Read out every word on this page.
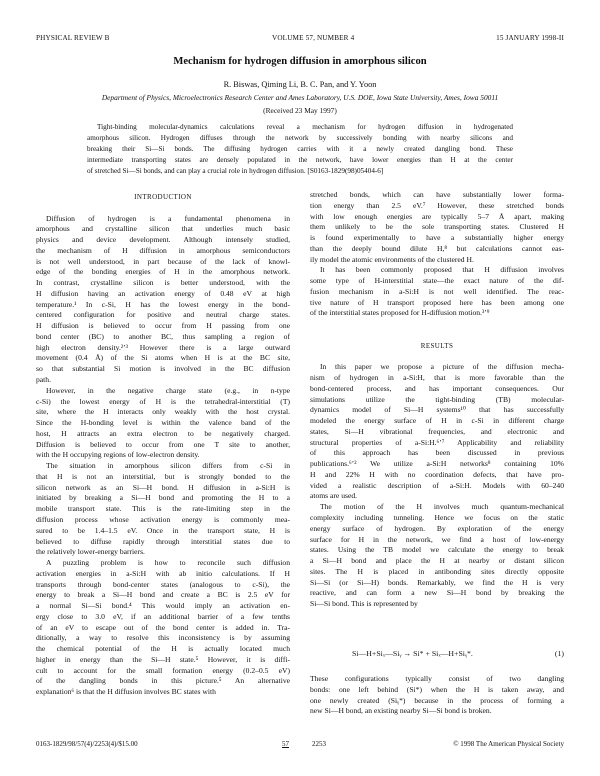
PHYSICAL REVIEW B	VOLUME 57, NUMBER 4	15 JANUARY 1998-II
Mechanism for hydrogen diffusion in amorphous silicon
R. Biswas, Qiming Li, B. C. Pan, and Y. Yoon
Department of Physics, Microelectronics Research Center and Ames Laboratory, U.S. DOE, Iowa State University, Ames, Iowa 50011
(Received 23 May 1997)
Tight-binding molecular-dynamics calculations reveal a mechanism for hydrogen diffusion in hydrogenated
amorphous silicon. Hydrogen diffuses through the network by successively bonding with nearby silicons and
breaking their Si—Si bonds. The diffusing hydrogen carries with it a newly created dangling bond. These
intermediate transporting states are densely populated in the network, have lower energies than H at the center
of stretched Si—Si bonds, and can play a crucial role in hydrogen diffusion. [S0163-1829(98)05404-6]
INTRODUCTION
Diffusion of hydrogen is a fundamental phenomena in
amorphous and crystalline silicon that underlies much basic
physics and device development. Although intensely studied,
the mechanism of H diffusion in amorphous semiconductors
is not well understood, in part because of the lack of knowl-
edge of the bonding energies of H in the amorphous network.
In contrast, crystalline silicon is better understood, with the
H diffusion having an activation energy of 0.48 eV at high
temperature.¹ In c-Si, H has the lowest energy in the bond-
centered configuration for positive and neutral charge states.
H diffusion is believed to occur from H passing from one
bond center (BC) to another BC, thus sampling a region of
high electron density.²ʼ³ However there is a large outward
movement (0.4 Å) of the Si atoms when H is at the BC site,
so that substantial Si motion is involved in the BC diffusion
path.
However, in the negative charge state (e.g., in n-type
c-Si) the lowest energy of H is the tetrahedral-interstitial (T)
site, where the H interacts only weakly with the host crystal.
Since the H-bonding level is within the valence band of the
host, H attracts an extra electron to be negatively charged.
Diffusion is believed to occur from one T site to another,
with the H occupying regions of low-electron density.
The situation in amorphous silicon differs from c-Si in
that H is not an interstitial, but is strongly bonded to the
silicon network as an Si—H bond. H diffusion in a-Si:H is
initiated by breaking a Si—H bond and promoting the H to a
mobile transport state. This is the rate-limiting step in the
diffusion process whose activation energy is commonly mea-
sured to be 1.4–1.5 eV. Once in the transport state, H is
believed to diffuse rapidly through interstitial states due to
the relatively lower-energy barriers.
A puzzling problem is how to reconcile such diffusion
activation energies in a-Si:H with ab initio calculations. If H
transports through bond-center states (analogous to c-Si), the
energy to break a Si—H bond and create a BC is 2.5 eV for
a normal Si—Si bond.⁴ This would imply an activation en-
ergy close to 3.0 eV, if an additional barrier of a few tenths
of an eV to escape out of the bond center is added in. Tra-
ditionally, a way to resolve this inconsistency is by assuming
the chemical potential of the H is actually located much
higher in energy than the Si—H state.⁵ However, it is diffi-
cult to account for the small formation energy (0.2–0.5 eV)
of the dangling bonds in this picture.⁵ An alternative
explanation⁶ is that the H diffusion involves BC states with
stretched bonds, which can have substantially lower forma-
tion energy than 2.5 eV.⁷ However, these stretched bonds
with low enough energies are typically 5–7 Å apart, making
them unlikely to be the sole transporting states. Clustered H
is found experimentally to have a substantially higher energy
than the deeply bound dilute H,⁸ but calculations cannot eas-
ily model the atomic environments of the clustered H.
It has been commonly proposed that H diffusion involves
some type of H-interstitial state—the exact nature of the dif-
fusion mechanism in a-Si:H is not well identified. The reac-
tive nature of H transport proposed here has been among one
of the interstitial states proposed for H-diffusion motion.³ʼ⁹
RESULTS
In this paper we propose a picture of the diffusion mecha-
nism of hydrogen in a-Si:H, that is more favorable than the
bond-centered process, and has important consequences. Our
simulations utilize the tight-binding (TB) molecular-
dynamics model of Si—H systems¹⁰ that has successfully
modeled the energy surface of H in c-Si in different charge
states, Si—H vibrational frequencies, and electronic and
structural properties of a-Si:H.⁶ʼ⁷ Applicability and reliability
of this approach has been discussed in previous
publications.⁶ʼ² We utilize a-Si:H networks⁸ containing 10%
H and 22% H with no coordination defects, that have pro-
vided a realistic description of a-Si:H. Models with 60–240
atoms are used.
The motion of the H involves much quantum-mechanical
complexity including tunneling. Hence we focus on the static
energy surface of hydrogen. By exploration of the energy
surface for H in the network, we find a host of low-energy
states. Using the TB model we calculate the energy to break
a Si—H bond and place the H at nearby or distant silicon
sites. The H is placed in antibonding sites directly opposite
Si—Si (or Si—H) bonds. Remarkably, we find the H is very
reactive, and can form a new Si—H bond by breaking the
Si—Si bond. This is represented by
Si—H+Siₓ—Siᵧ → Si* + Siₓ—H+Siᵧ*.	(1)
These configurations typically consist of two dangling
bonds: one left behind (Si*) when the H is taken away, and
one newly created (Siᵧ*) because in the process of forming a
new Si—H bond, an existing nearby Si—Si bond is broken.
0163-1829/98/57(4)/2253(4)/$15.00	57	2253	© 1998 The American Physical Society
